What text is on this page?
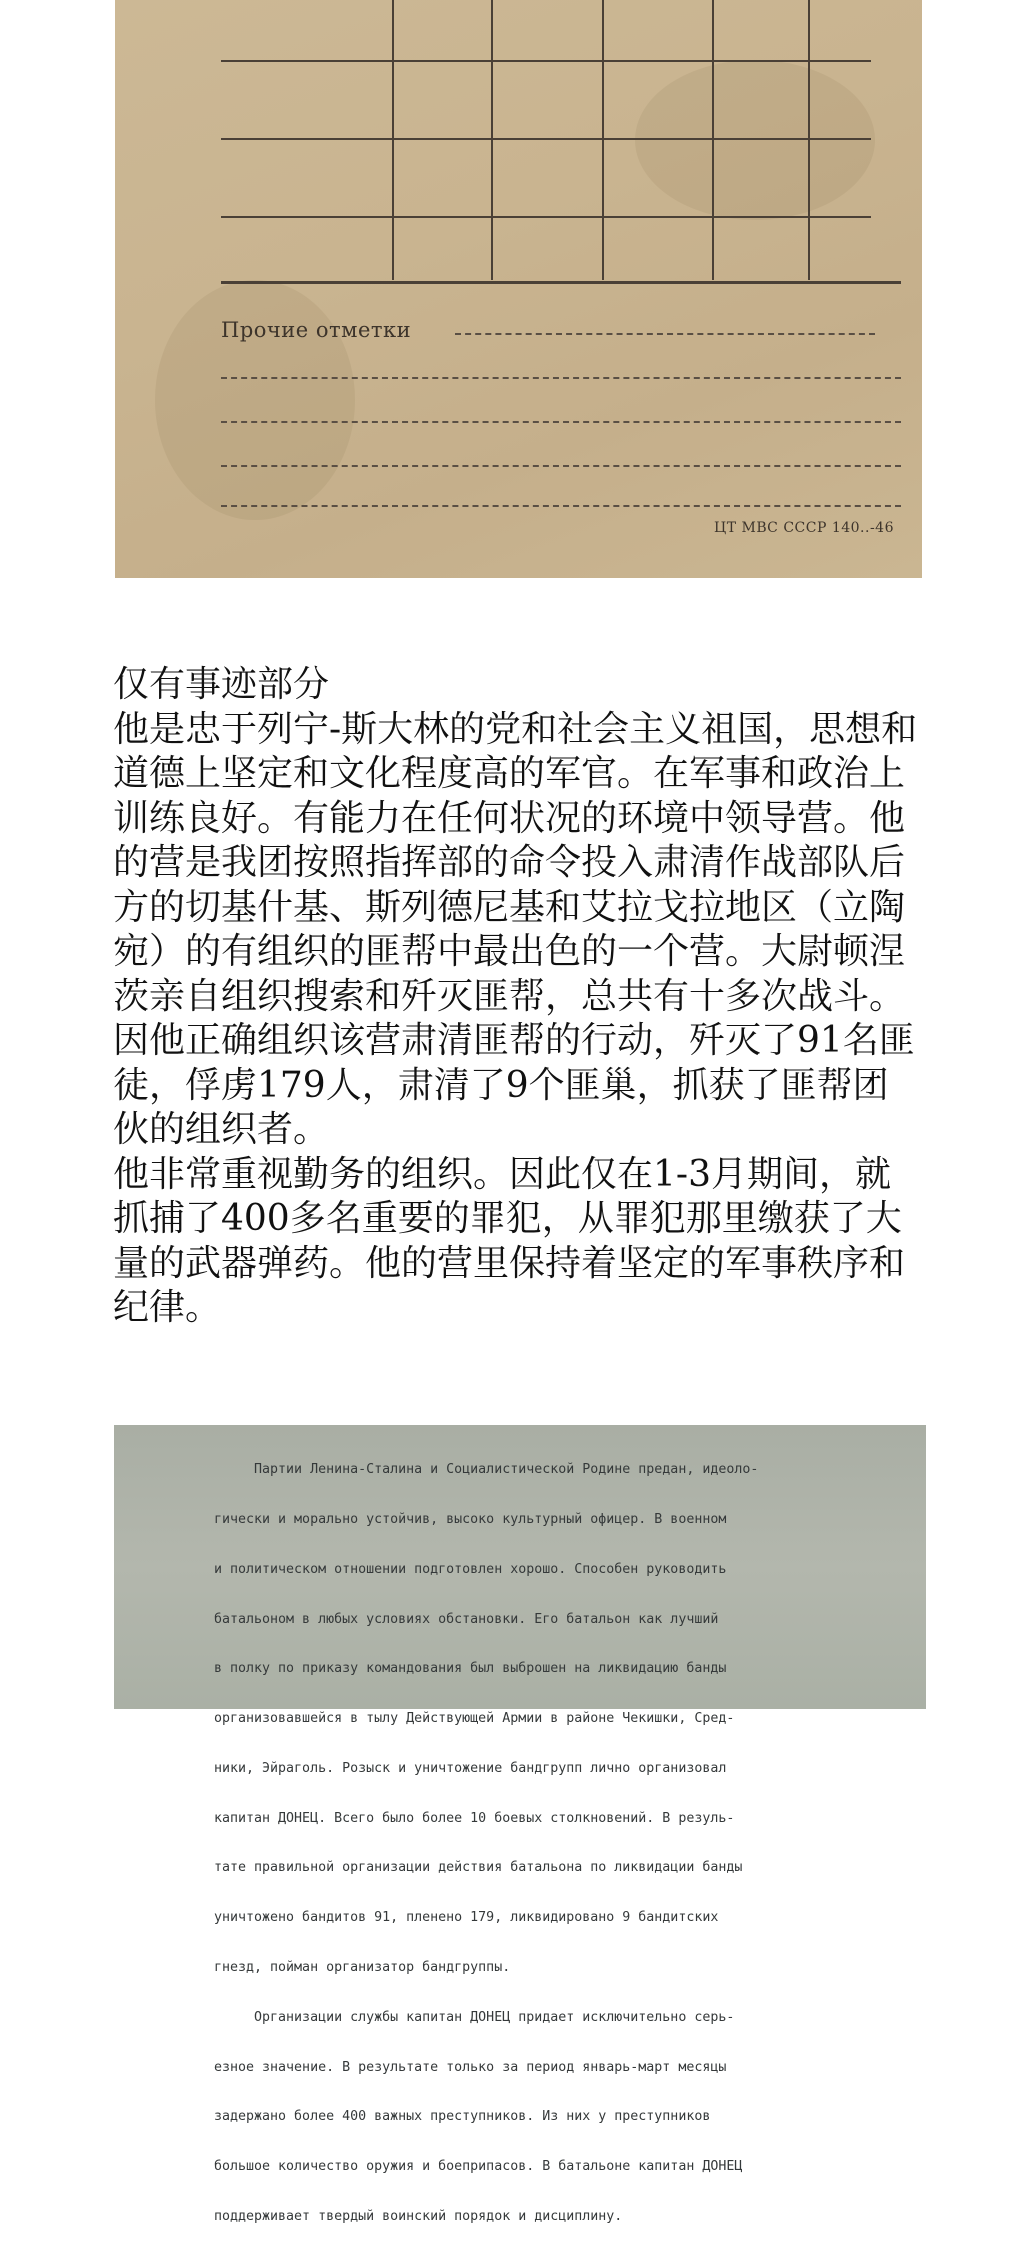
Прочие отметки
ЦТ МВС СССР 140..-46

仅有事迹部分

他是忠于列宁-斯大林的党和社会主义祖国，思想和道德上坚定和文化程度高的军官。在军事和政治上训练良好。有能力在任何状况的环境中领导营。他的营是我团按照指挥部的命令投入肃清作战部队后方的切基什基、斯列德尼基和艾拉戈拉地区（立陶宛）的有组织的匪帮中最出色的一个营。大尉顿涅茨亲自组织搜索和歼灭匪帮，总共有十多次战斗。因他正确组织该营肃清匪帮的行动，歼灭了91名匪徒，俘虏179人，肃清了9个匪巢，抓获了匪帮团伙的组织者。

他非常重视勤务的组织。因此仅在1-3月期间，就抓捕了400多名重要的罪犯，从罪犯那里缴获了大量的武器弹药。他的营里保持着坚定的军事秩序和纪律。

Партии Ленина-Сталина и Социалистической Родине предан, идеоло-

гически и морально устойчив, высоко культурный офицер. В военном

и политическом отношении подготовлен хорошо. Способен руководить

батальоном в любых условиях обстановки. Его батальон как лучший

в полку по приказу командования был выброшен на ликвидацию банды

организовавшейся в тылу Действующей Армии в районе Чекишки, Сред-

ники, Эйраголь. Розыск и уничтожение бандгрупп лично организовал

капитан ДОНЕЦ. Всего было более 10 боевых столкновений. В резуль-

тате правильной организации действия батальона по ликвидации банды

уничтожено бандитов 91, пленено 179, ликвидировано 9 бандитских

гнезд, пойман организатор бандгруппы.

Организации службы капитан ДОНЕЦ придает исключительно серь-

езное значение. В результате только за период январь-март месяцы

задержано более 400 важных преступников. Из них у преступников

большое количество оружия и боеприпасов. В батальоне капитан ДОНЕЦ

поддерживает твердый воинский порядок и дисциплину.
